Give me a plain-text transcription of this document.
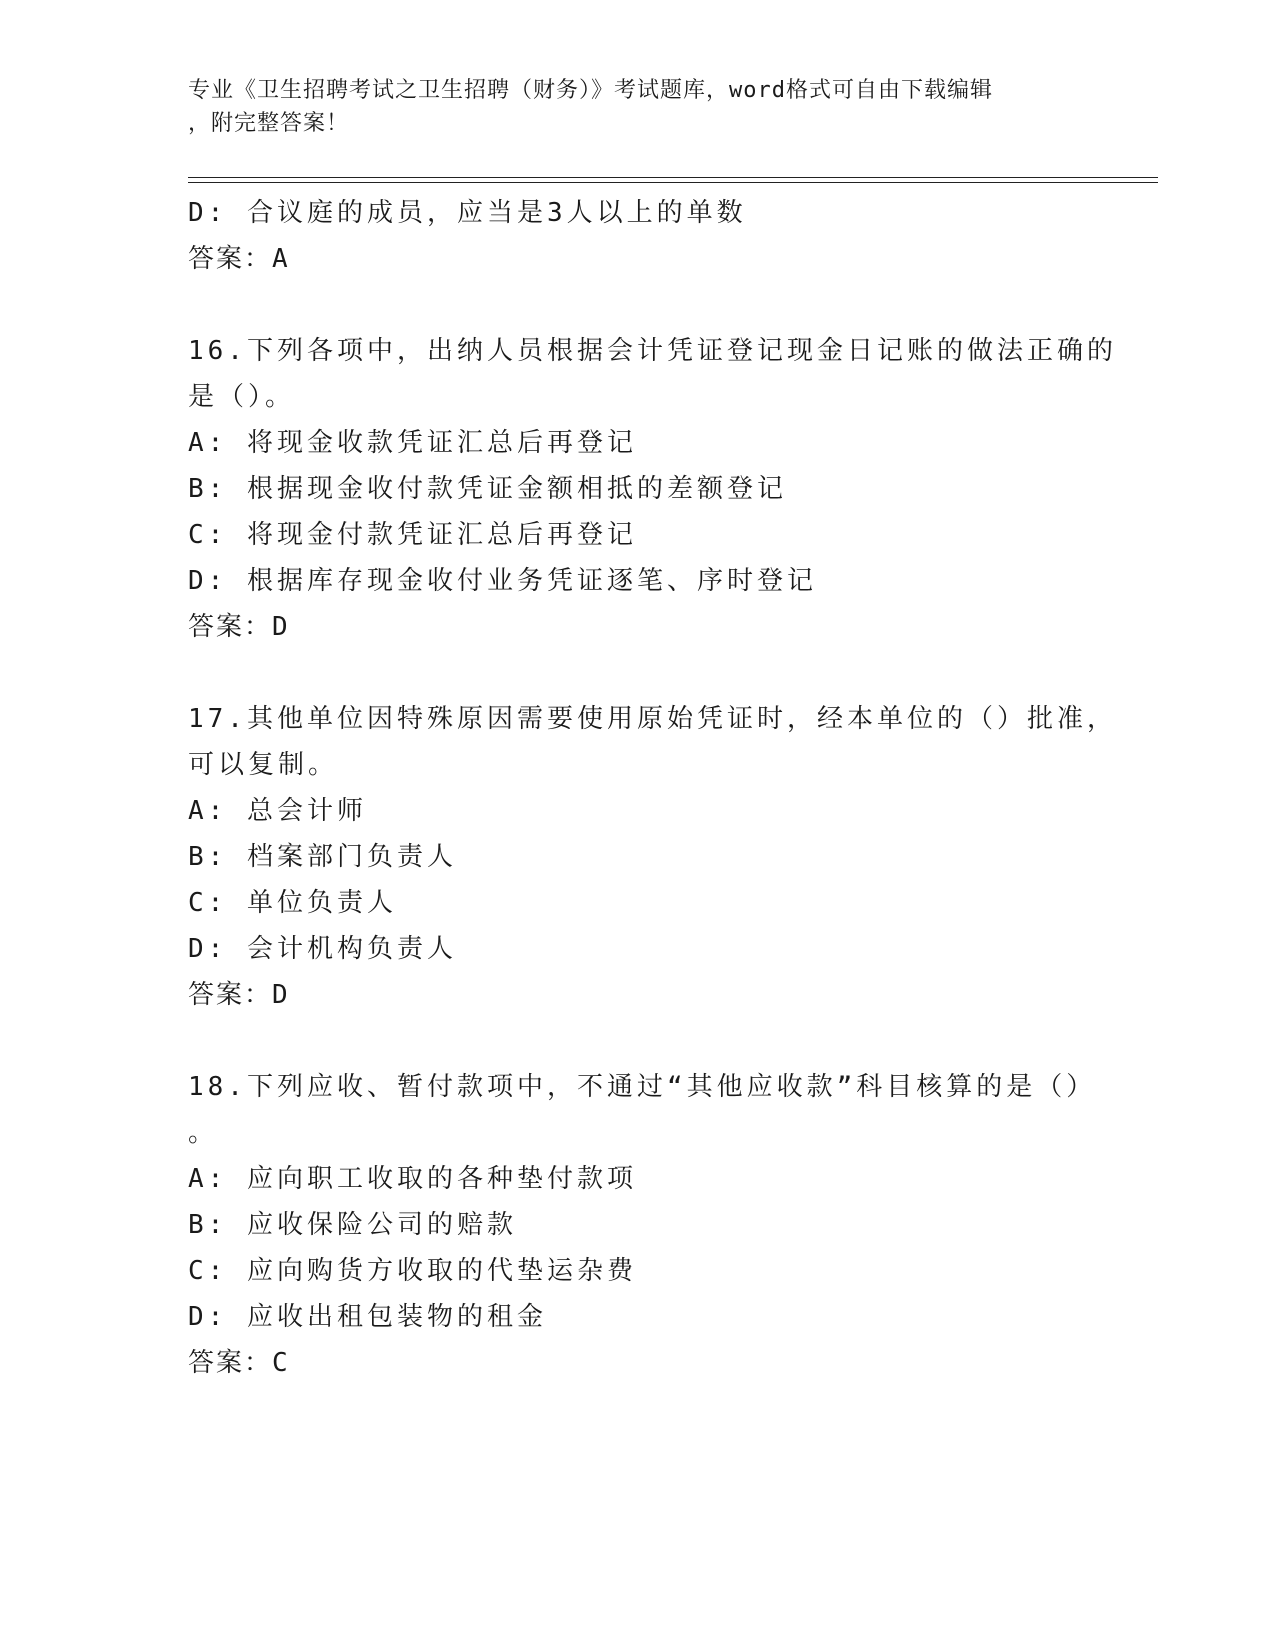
专业《卫生招聘考试之卫生招聘（财务）》考试题库，word格式可自由下载编辑
，附完整答案！
D: 合议庭的成员，应当是3人以上的单数
答案：A
16.下列各项中，出纳人员根据会计凭证登记现金日记账的做法正确的
是（）。
A: 将现金收款凭证汇总后再登记
B: 根据现金收付款凭证金额相抵的差额登记
C: 将现金付款凭证汇总后再登记
D: 根据库存现金收付业务凭证逐笔、序时登记
答案：D
17.其他单位因特殊原因需要使用原始凭证时，经本单位的（）批准，
可以复制。
A: 总会计师
B: 档案部门负责人
C: 单位负责人
D: 会计机构负责人
答案：D
18.下列应收、暂付款项中，不通过“其他应收款”科目核算的是（）
。
A: 应向职工收取的各种垫付款项
B: 应收保险公司的赔款
C: 应向购货方收取的代垫运杂费
D: 应收出租包装物的租金
答案：C
